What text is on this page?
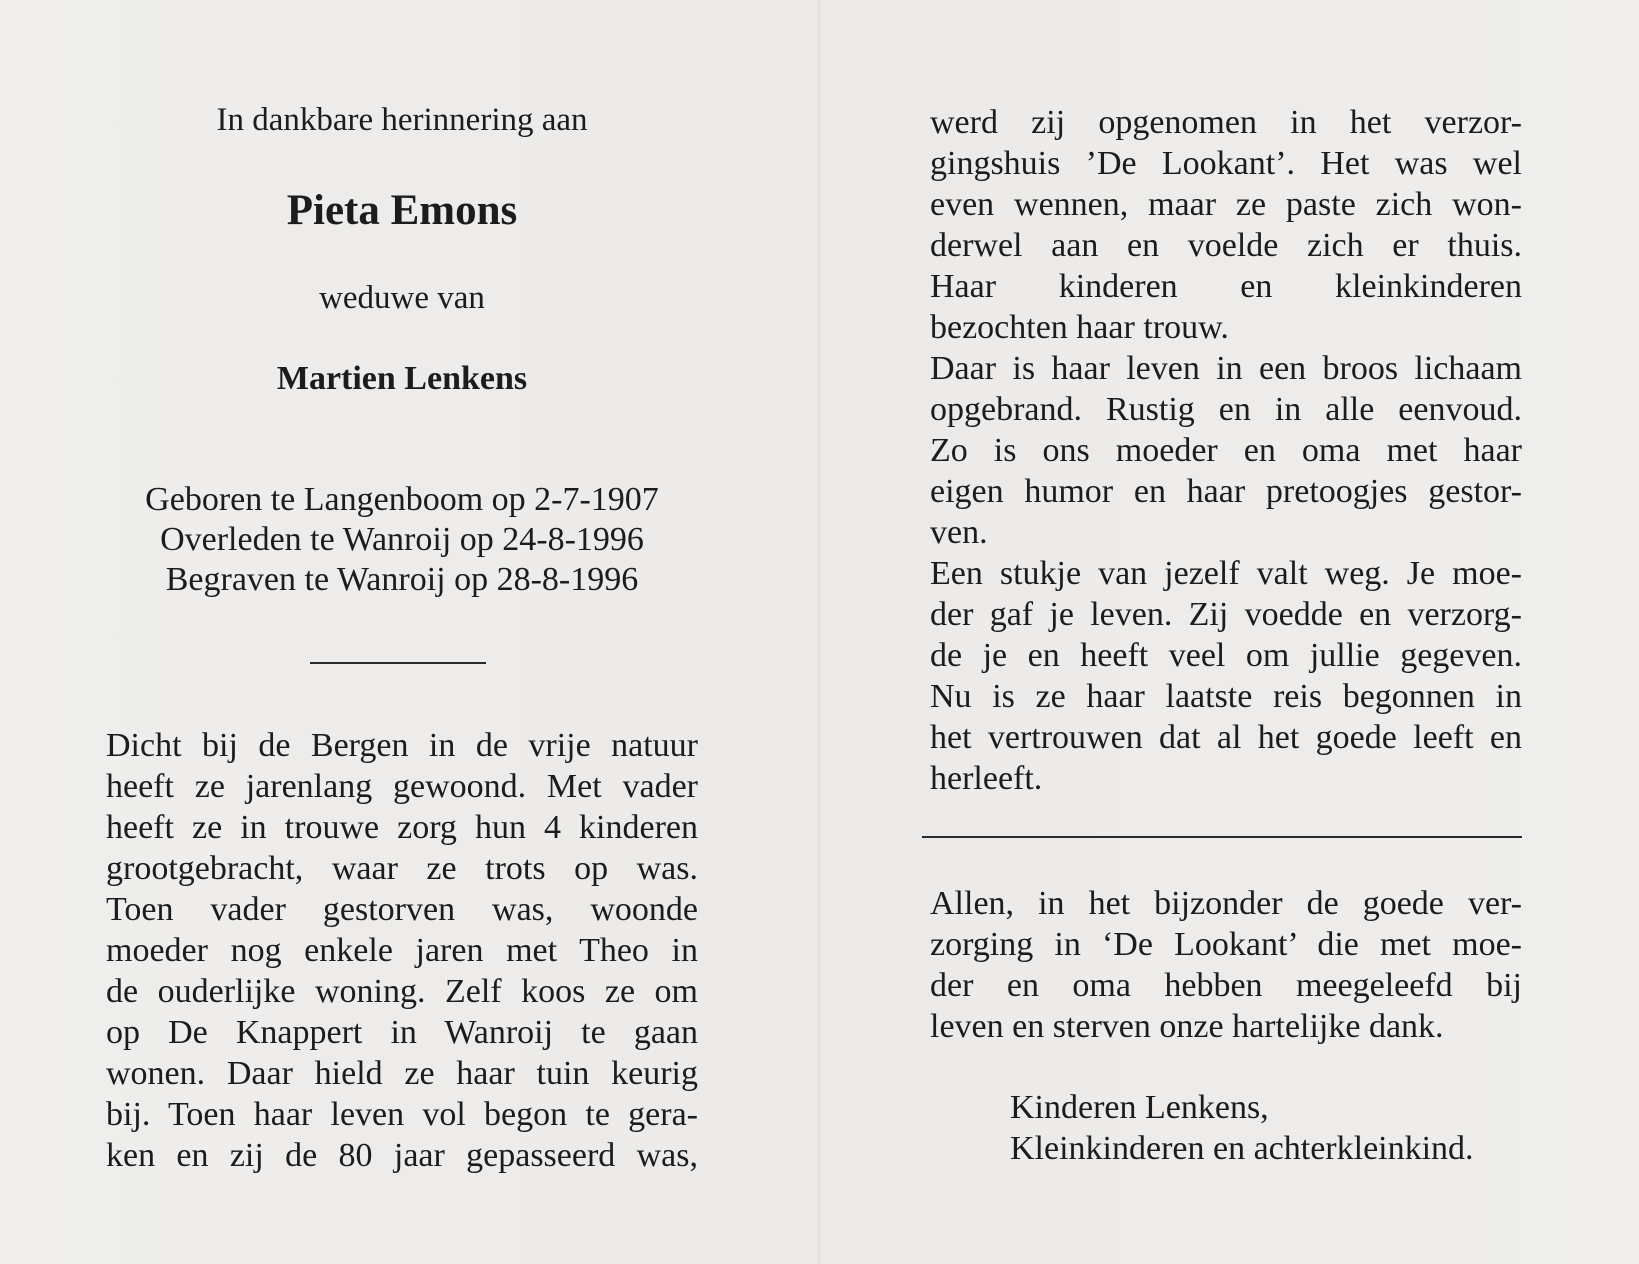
In dankbare herinnering aan
Pieta Emons
weduwe van
Martien Lenkens
Geboren te Langenboom op 2-7-1907
Overleden te Wanroij op 24-8-1996
Begraven te Wanroij op 28-8-1996
Dicht bij de Bergen in de vrije natuur
heeft ze jarenlang gewoond. Met vader
heeft ze in trouwe zorg hun 4 kinderen
grootgebracht, waar ze trots op was.
Toen vader gestorven was, woonde
moeder nog enkele jaren met Theo in
de ouderlijke woning. Zelf koos ze om
op De Knappert in Wanroij te gaan
wonen. Daar hield ze haar tuin keurig
bij. Toen haar leven vol begon te gera-
ken en zij de 80 jaar gepasseerd was,
werd zij opgenomen in het verzor-
gingshuis ’De Lookant’. Het was wel
even wennen, maar ze paste zich won-
derwel aan en voelde zich er thuis.
Haar kinderen en kleinkinderen
bezochten haar trouw.
Daar is haar leven in een broos lichaam
opgebrand. Rustig en in alle eenvoud.
Zo is ons moeder en oma met haar
eigen humor en haar pretoogjes gestor-
ven.
Een stukje van jezelf valt weg. Je moe-
der gaf je leven. Zij voedde en verzorg-
de je en heeft veel om jullie gegeven.
Nu is ze haar laatste reis begonnen in
het vertrouwen dat al het goede leeft en
herleeft.
Allen, in het bijzonder de goede ver-
zorging in ‘De Lookant’ die met moe-
der en oma hebben meegeleefd bij
leven en sterven onze hartelijke dank.
Kinderen Lenkens,
Kleinkinderen en achterkleinkind.
